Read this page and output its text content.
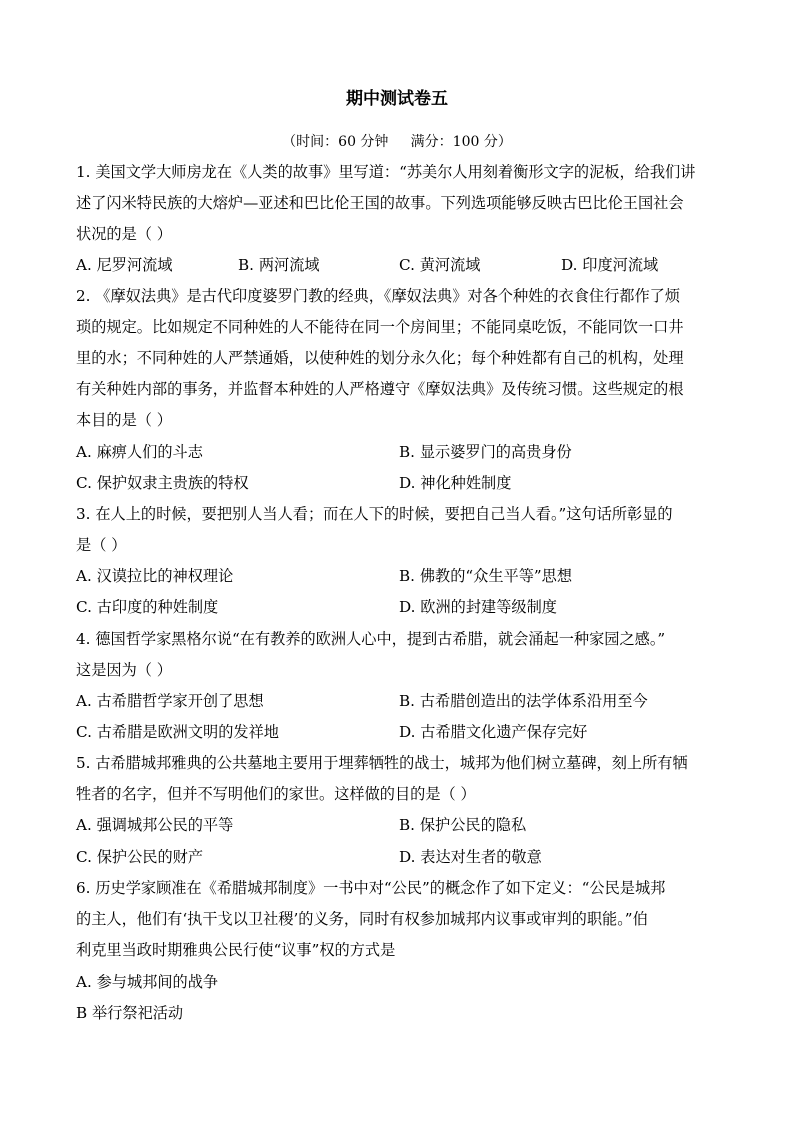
期中测试卷五
（时间：60 分钟     满分：100 分）
1. 美国文学大师房龙在《人类的故事》里写道：“苏美尔人用刻着衡形文字的泥板，给我们讲
述了闪米特民族的大熔炉—亚述和巴比伦王国的故事。下列选项能够反映古巴比伦王国社会
状况的是（ ）
A. 尼罗河流域	B. 两河流域	C. 黄河流域	D. 印度河流域
2. 《摩奴法典》是古代印度婆罗门教的经典，《摩奴法典》对各个种姓的衣食住行都作了烦
琐的规定。比如规定不同种姓的人不能待在同一个房间里；不能同桌吃饭，不能同饮一口井
里的水；不同种姓的人严禁通婚，以使种姓的划分永久化；每个种姓都有自己的机构，处理
有关种姓内部的事务，并监督本种姓的人严格遵守《摩奴法典》及传统习惯。这些规定的根
本目的是（ ）
A. 麻痹人们的斗志	B. 显示婆罗门的高贵身份
C. 保护奴隶主贵族的特权	D. 神化种姓制度
3. 在人上的时候，要把别人当人看；而在人下的时候，要把自己当人看。”这句话所彰显的
是（ ）
A. 汉谟拉比的神权理论	B. 佛教的“众生平等”思想
C. 古印度的种姓制度	D. 欧洲的封建等级制度
4. 德国哲学家黑格尔说“在有教养的欧洲人心中，提到古希腊，就会涌起一种家园之感。”
这是因为（ ）
A. 古希腊哲学家开创了思想	B. 古希腊创造出的法学体系沿用至今
C. 古希腊是欧洲文明的发祥地	D. 古希腊文化遗产保存完好
5. 古希腊城邦雅典的公共墓地主要用于埋葬牺牲的战士，城邦为他们树立墓碑，刻上所有牺
牲者的名字，但并不写明他们的家世。这样做的目的是（ ）
A. 强调城邦公民的平等	B. 保护公民的隐私
C. 保护公民的财产	D. 表达对生者的敬意
6. 历史学家顾准在《希腊城邦制度》一书中对“公民”的概念作了如下定义：“公民是城邦
的主人，他们有‘执干戈以卫社稷’的义务，同时有权参加城邦内议事或审判的职能。”伯
利克里当政时期雅典公民行使“议事”权的方式是
A. 参与城邦间的战争
B 举行祭祀活动
